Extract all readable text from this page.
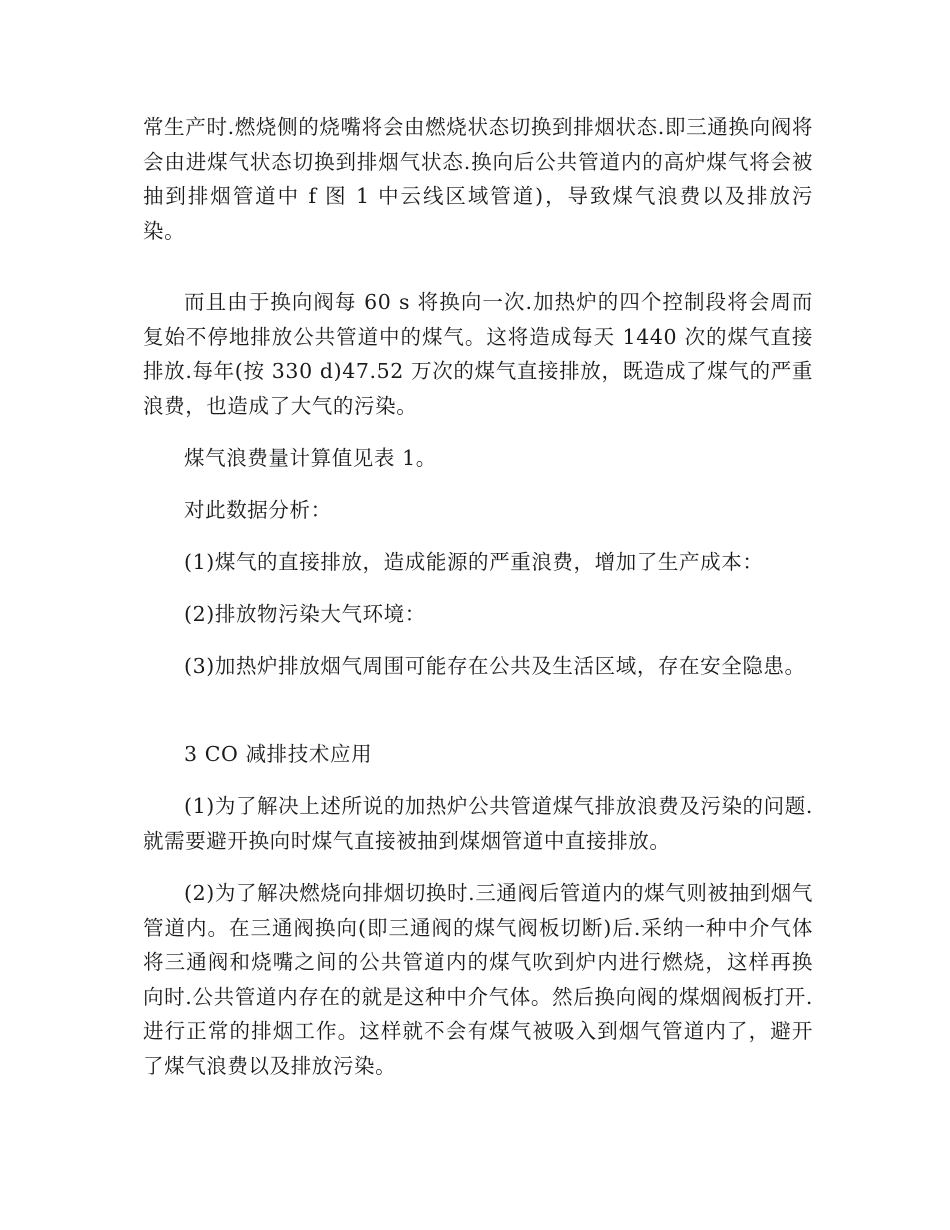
常生产时.燃烧侧的烧嘴将会由燃烧状态切换到排烟状态.即三通换向阀将会由进煤气状态切换到排烟气状态.换向后公共管道内的高炉煤气将会被抽到排烟管道中 f 图 1 中云线区域管道)，导致煤气浪费以及排放污染。

而且由于换向阀每 60 s 将换向一次.加热炉的四个控制段将会周而复始不停地排放公共管道中的煤气。这将造成每天 1440 次的煤气直接排放.每年(按 330 d)47.52 万次的煤气直接排放，既造成了煤气的严重浪费，也造成了大气的污染。

煤气浪费量计算值见表 1。

对此数据分析：

(1)煤气的直接排放，造成能源的严重浪费，增加了生产成本：

(2)排放物污染大气环境：

(3)加热炉排放烟气周围可能存在公共及生活区域，存在安全隐患。

3 CO 减排技术应用

(1)为了解决上述所说的加热炉公共管道煤气排放浪费及污染的问题.就需要避开换向时煤气直接被抽到煤烟管道中直接排放。

(2)为了解决燃烧向排烟切换时.三通阀后管道内的煤气则被抽到烟气管道内。在三通阀换向(即三通阀的煤气阀板切断)后.采纳一种中介气体将三通阀和烧嘴之间的公共管道内的煤气吹到炉内进行燃烧，这样再换向时.公共管道内存在的就是这种中介气体。然后换向阀的煤烟阀板打开.进行正常的排烟工作。这样就不会有煤气被吸入到烟气管道内了，避开了煤气浪费以及排放污染。
